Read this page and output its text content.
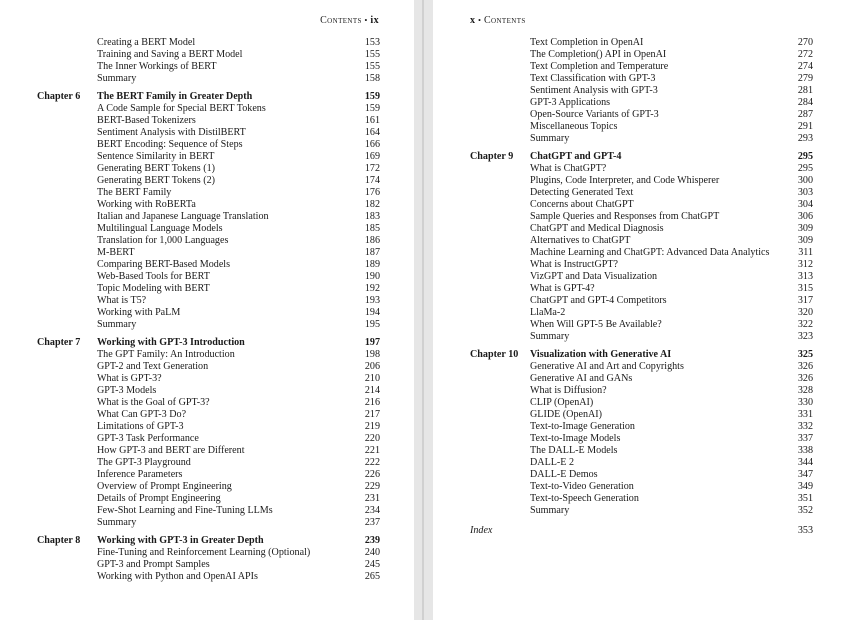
Contents • ix
Creating a BERT Model	153
Training and Saving a BERT Model	155
The Inner Workings of BERT	155
Summary	158
Chapter 6 The BERT Family in Greater Depth	159
A Code Sample for Special BERT Tokens	159
BERT-Based Tokenizers	161
Sentiment Analysis with DistilBERT	164
BERT Encoding: Sequence of Steps	166
Sentence Similarity in BERT	169
Generating BERT Tokens (1)	172
Generating BERT Tokens (2)	174
The BERT Family	176
Working with RoBERTa	182
Italian and Japanese Language Translation	183
Multilingual Language Models	185
Translation for 1,000 Languages	186
M-BERT	187
Comparing BERT-Based Models	189
Web-Based Tools for BERT	190
Topic Modeling with BERT	192
What is T5?	193
Working with PaLM	194
Summary	195
Chapter 7 Working with GPT-3 Introduction	197
The GPT Family: An Introduction	198
GPT-2 and Text Generation	206
What is GPT-3?	210
GPT-3 Models	214
What is the Goal of GPT-3?	216
What Can GPT-3 Do?	217
Limitations of GPT-3	219
GPT-3 Task Performance	220
How GPT-3 and BERT are Different	221
The GPT-3 Playground	222
Inference Parameters	226
Overview of Prompt Engineering	229
Details of Prompt Engineering	231
Few-Shot Learning and Fine-Tuning LLMs	234
Summary	237
Chapter 8 Working with GPT-3 in Greater Depth	239
Fine-Tuning and Reinforcement Learning (Optional)	240
GPT-3 and Prompt Samples	245
Working with Python and OpenAI APIs	265
x • Contents
Text Completion in OpenAI	270
The Completion() API in OpenAI	272
Text Completion and Temperature	274
Text Classification with GPT-3	279
Sentiment Analysis with GPT-3	281
GPT-3 Applications	284
Open-Source Variants of GPT-3	287
Miscellaneous Topics	291
Summary	293
Chapter 9 ChatGPT and GPT-4	295
What is ChatGPT?	295
Plugins, Code Interpreter, and Code Whisperer	300
Detecting Generated Text	303
Concerns about ChatGPT	304
Sample Queries and Responses from ChatGPT	306
ChatGPT and Medical Diagnosis	309
Alternatives to ChatGPT	309
Machine Learning and ChatGPT: Advanced Data Analytics	311
What is InstructGPT?	312
VizGPT and Data Visualization	313
What is GPT-4?	315
ChatGPT and GPT-4 Competitors	317
LlaMa-2	320
When Will GPT-5 Be Available?	322
Summary	323
Chapter 10 Visualization with Generative AI	325
Generative AI and Art and Copyrights	326
Generative AI and GANs	326
What is Diffusion?	328
CLIP (OpenAI)	330
GLIDE (OpenAI)	331
Text-to-Image Generation	332
Text-to-Image Models	337
The DALL-E Models	338
DALL-E 2	344
DALL-E Demos	347
Text-to-Video Generation	349
Text-to-Speech Generation	351
Summary	352
Index	353
